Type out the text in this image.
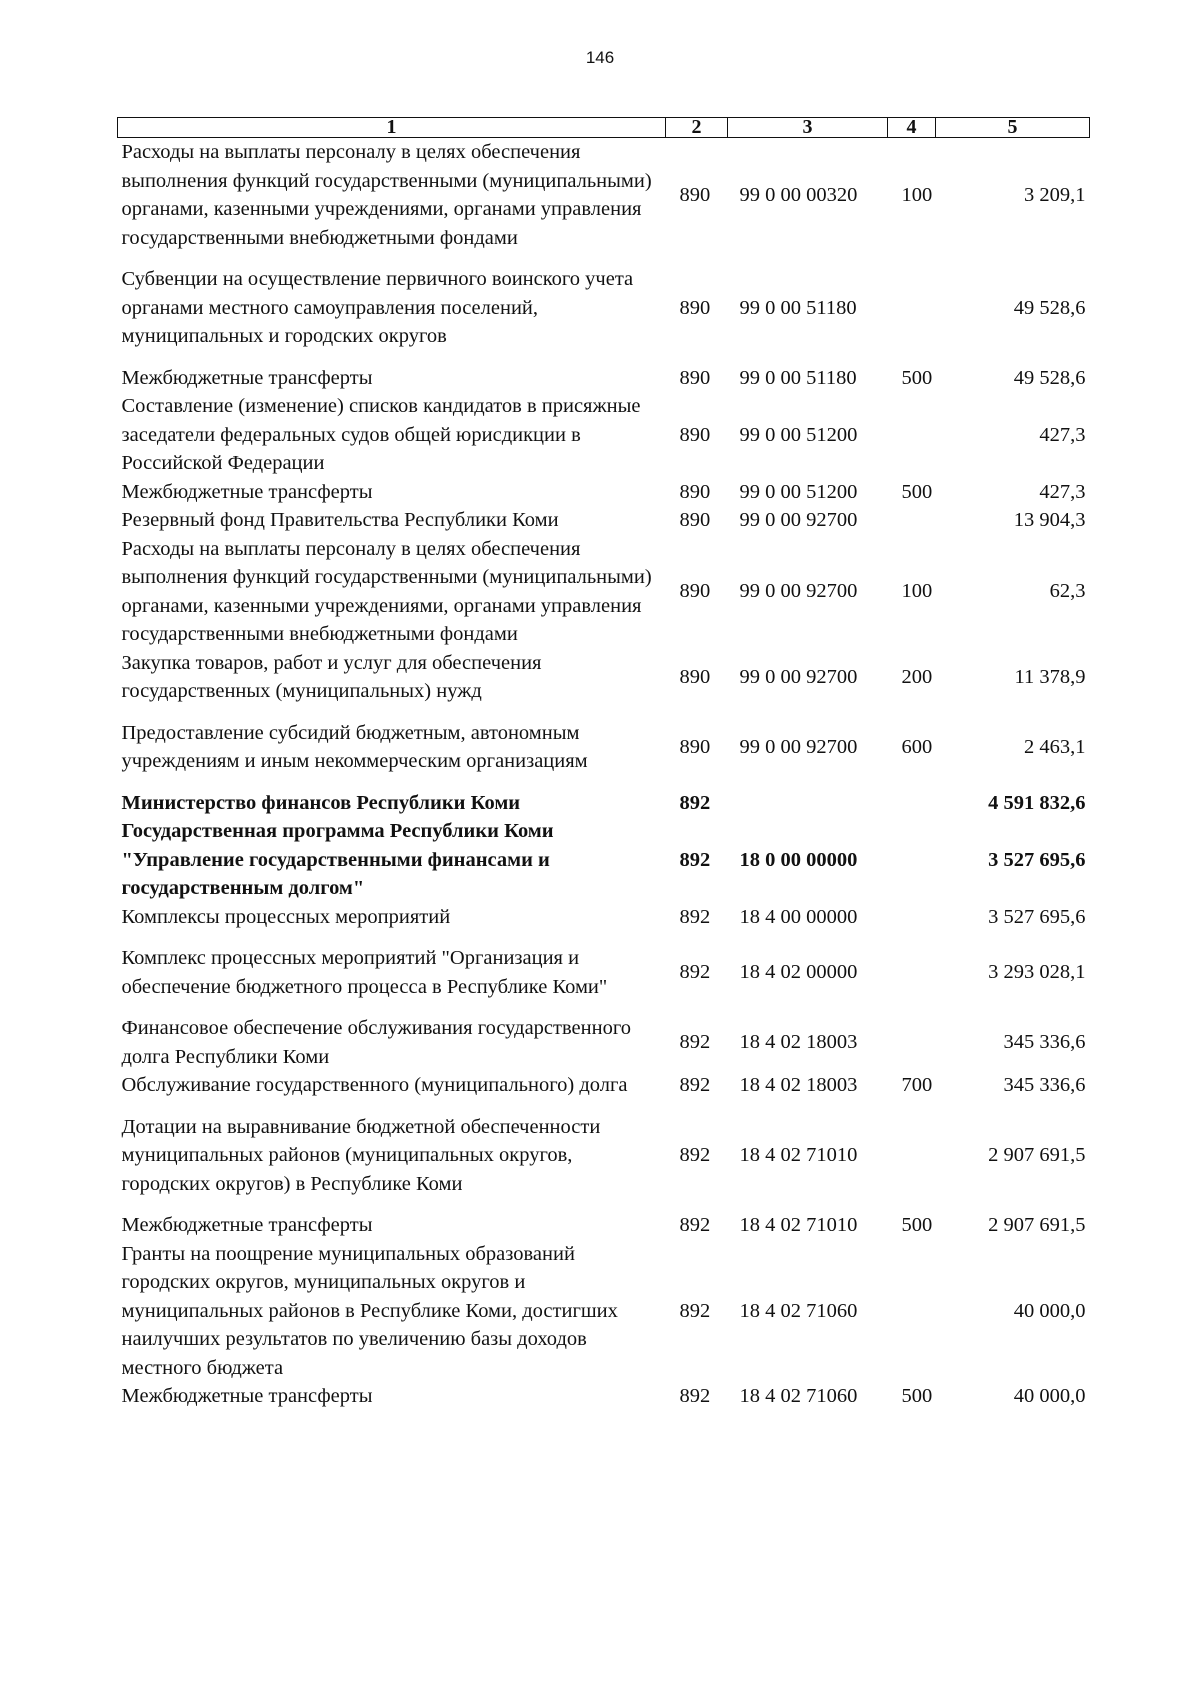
146
1	2	3	4	5
Расходы на выплаты персоналу в целях обеспечения выполнения функций государственными (муниципальными) органами, казенными учреждениями, органами управления государственными внебюджетными фондами	890	99 0 00 00320	100	3 209,1
Субвенции на осуществление первичного воинского учета органами местного самоуправления поселений, муниципальных и городских округов	890	99 0 00 51180		49 528,6
Межбюджетные трансферты	890	99 0 00 51180	500	49 528,6
Составление (изменение) списков кандидатов в присяжные заседатели федеральных судов общей юрисдикции в Российской Федерации	890	99 0 00 51200		427,3
Межбюджетные трансферты	890	99 0 00 51200	500	427,3
Резервный фонд Правительства Республики Коми	890	99 0 00 92700		13 904,3
Расходы на выплаты персоналу в целях обеспечения выполнения функций государственными (муниципальными) органами, казенными учреждениями, органами управления государственными внебюджетными фондами	890	99 0 00 92700	100	62,3
Закупка товаров, работ и услуг для обеспечения государственных (муниципальных) нужд	890	99 0 00 92700	200	11 378,9
Предоставление субсидий бюджетным, автономным учреждениям и иным некоммерческим организациям	890	99 0 00 92700	600	2 463,1
Министерство финансов Республики Коми	892			4 591 832,6
Государственная программа Республики Коми "Управление государственными финансами и государственным долгом"	892	18 0 00 00000		3 527 695,6
Комплексы процессных мероприятий	892	18 4 00 00000		3 527 695,6
Комплекс процессных мероприятий "Организация и обеспечение бюджетного процесса в Республике Коми"	892	18 4 02 00000		3 293 028,1
Финансовое обеспечение обслуживания государственного долга Республики Коми	892	18 4 02 18003		345 336,6
Обслуживание государственного (муниципального) долга	892	18 4 02 18003	700	345 336,6
Дотации на выравнивание бюджетной обеспеченности муниципальных районов (муниципальных округов, городских округов) в Республике Коми	892	18 4 02 71010		2 907 691,5
Межбюджетные трансферты	892	18 4 02 71010	500	2 907 691,5
Гранты на поощрение муниципальных образований городских округов, муниципальных округов и муниципальных районов в Республике Коми, достигших наилучших результатов по увеличению базы доходов местного бюджета	892	18 4 02 71060		40 000,0
Межбюджетные трансферты	892	18 4 02 71060	500	40 000,0
